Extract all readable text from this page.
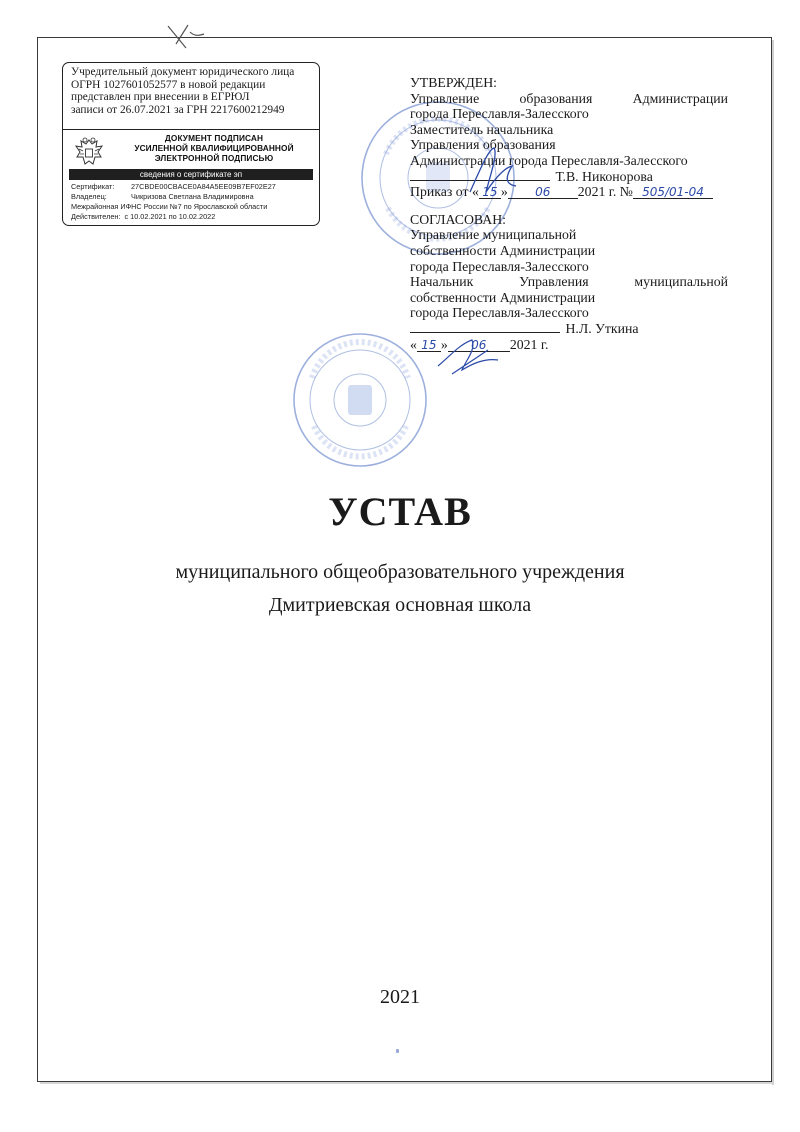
Учредительный документ юридического лица
ОГРН 1027601052577 в новой редакции
представлен при внесении в ЕГРЮЛ
записи от 26.07.2021 за ГРН 2217600212949
ДОКУМЕНТ ПОДПИСАН
УСИЛЕННОЙ КВАЛИФИЦИРОВАННОЙ
ЭЛЕКТРОННОЙ ПОДПИСЬЮ
сведения о сертификате эп
Сертификат:	27CBDE00CBACE0A84A5EE09B7EF02E27
Владелец:	Чикризова Светлана Владимировна
Межрайонная ИФНС России №7 по Ярославской области
Действителен: с 10.02.2021 по 10.02.2022
УТВЕРЖДЕН:
Управление образования Администрации
города Переславля-Залесского
Заместитель начальника
Управления образования
Администрации города Переславля-Залесского
Т.В. Никонорова
Приказ от « 15 » 06 2021 г. № 505/01-04
СОГЛАСОВАН:
Управление муниципальной
собственности Администрации
города Переславля-Залесского
Начальник Управления муниципальной
собственности Администрации
города Переславля-Залесского
Н.Л. Уткина
« 15 » 06 2021 г.
УСТАВ
муниципального общеобразовательного учреждения
Дмитриевская основная школа
2021
